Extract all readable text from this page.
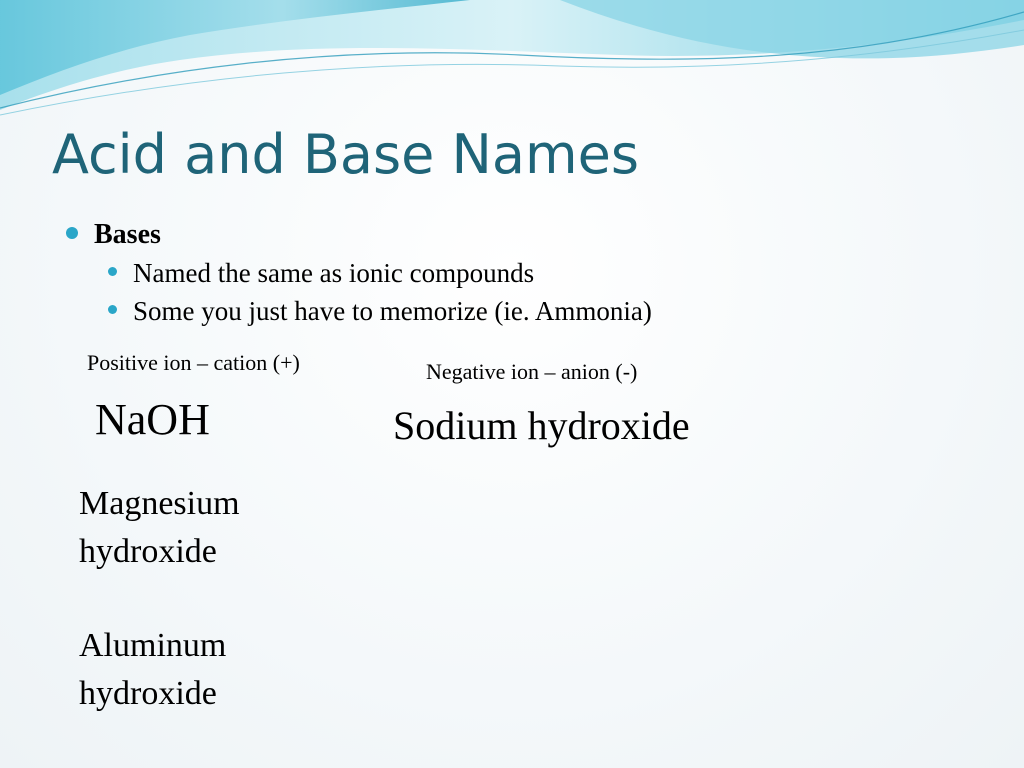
Acid and Base Names
Bases
Named the same as ionic compounds
Some you just have to memorize (ie. Ammonia)
Positive ion – cation (+)	Negative ion – anion (-)
NaOH	Sodium hydroxide
Magnesium
hydroxide
Aluminum
hydroxide
